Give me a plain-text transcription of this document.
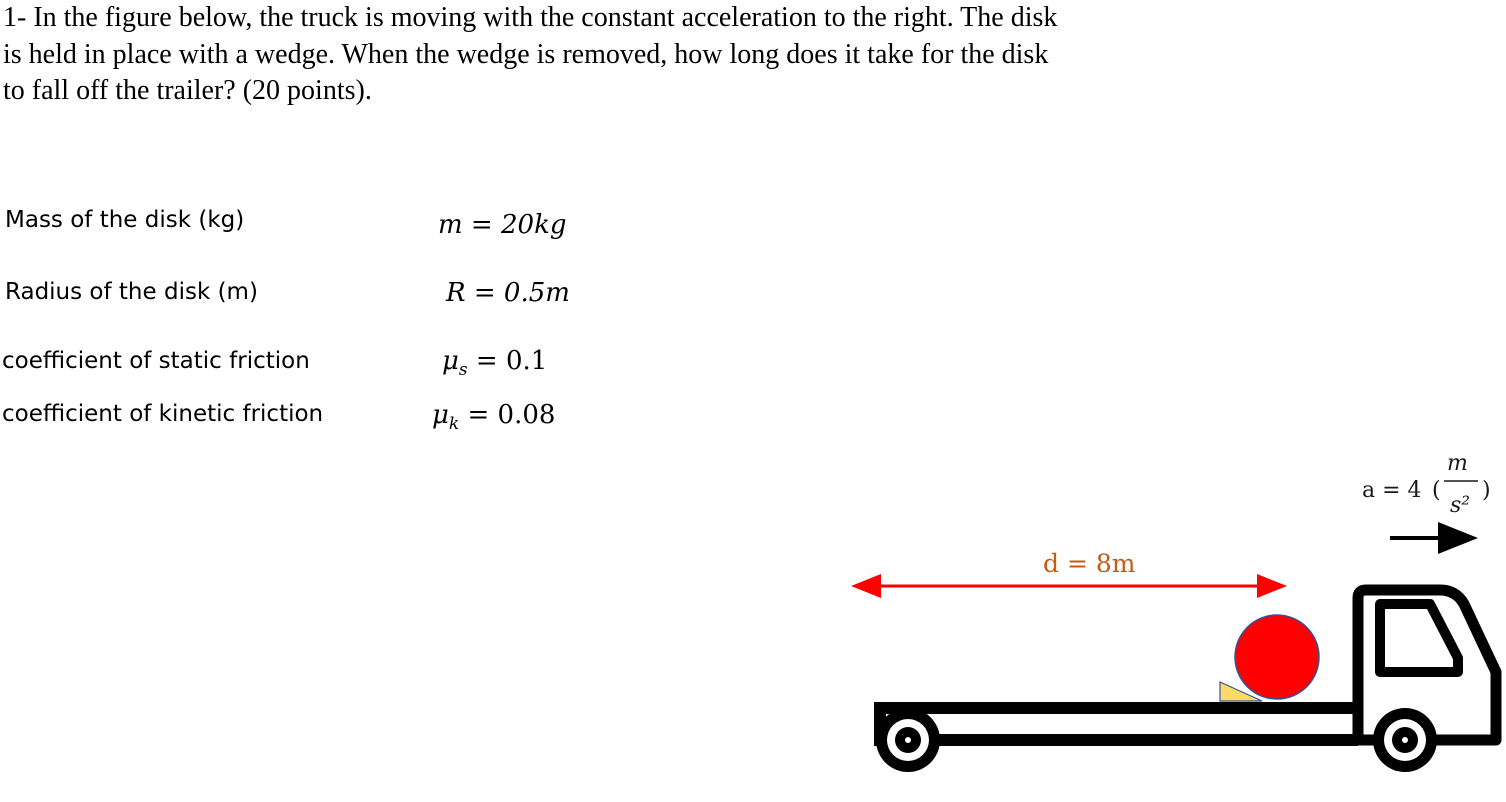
1- In the figure below, the truck is moving with the constant acceleration to the right. The disk is held in place with a wedge. When the wedge is removed, how long does it take for the disk to fall off the trailer? (20 points).

Mass of the disk (kg)
Radius of the disk (m)
coefficient of static friction
coefficient of kinetic friction
m = 20kg
R = 0.5m
$\mu_s = 0.1$
$\mu_k = 0.08$
d = 8m
a = 4 (
m
s²
)
